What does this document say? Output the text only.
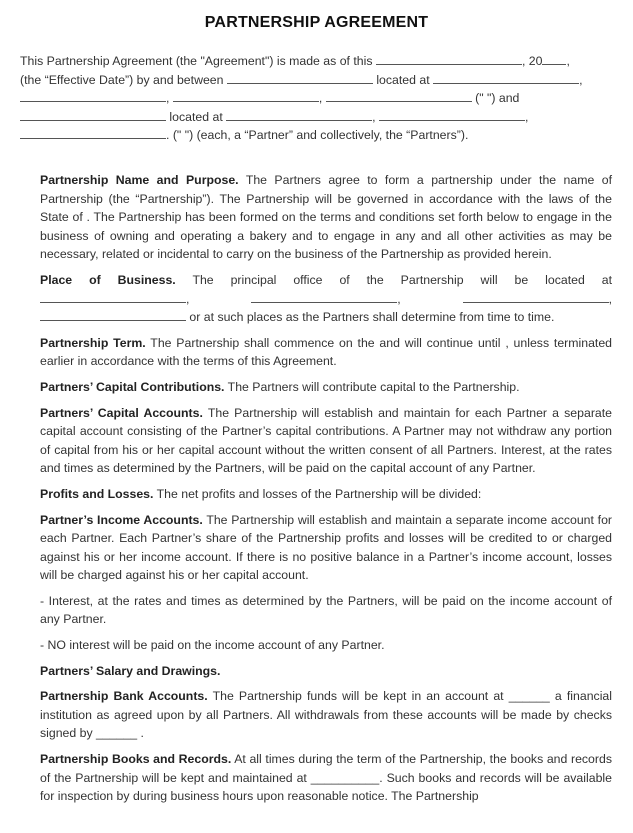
PARTNERSHIP AGREEMENT
This Partnership Agreement (the "Agreement") is made as of this	, 20 ,
(the “Effective Date”) by and between	located at	,
,	,	(" ") and
located at	,	,
. (" ") (each, a “Partner” and collectively, the “Partners”).

Partnership Name and Purpose. The Partners agree to form a partnership under the name of Partnership (the “Partnership”). The Partnership will be governed in accordance with the laws of the State of . The Partnership has been formed on the terms and conditions set forth below to engage in the business of owning and operating a bakery and to engage in any and all other activities as may be necessary, related or incidental to carry on the business of the Partnership as provided herein.

Place of Business. The principal office of the Partnership will be located at

,	,	,
or at such places as the Partners shall determine from time to time.

Partnership Term. The Partnership shall commence on the and will continue until , unless terminated earlier in accordance with the terms of this Agreement.

Partners’ Capital Contributions. The Partners will contribute capital to the Partnership.

Partners’ Capital Accounts. The Partnership will establish and maintain for each Partner a separate capital account consisting of the Partner’s capital contributions. A Partner may not withdraw any portion of capital from his or her capital account without the written consent of all Partners. Interest, at the rates and times as determined by the Partners, will be paid on the capital account of any Partner.

Profits and Losses. The net profits and losses of the Partnership will be divided:

Partner’s Income Accounts. The Partnership will establish and maintain a separate income account for each Partner. Each Partner’s share of the Partnership profits and losses will be credited to or charged against his or her income account. If there is no positive balance in a Partner’s income account, losses will be charged against his or her capital account.

- Interest, at the rates and times as determined by the Partners, will be paid on the income account of any Partner.

- NO interest will be paid on the income account of any Partner.

Partners’ Salary and Drawings.

Partnership Bank Accounts. The Partnership funds will be kept in an account at ______ a financial institution as agreed upon by all Partners. All withdrawals from these accounts will be made by checks signed by ______ .

Partnership Books and Records. At all times during the term of the Partnership, the books and records of the Partnership will be kept and maintained at __________. Such books and records will be available for inspection by during business hours upon reasonable notice. The Partnership
